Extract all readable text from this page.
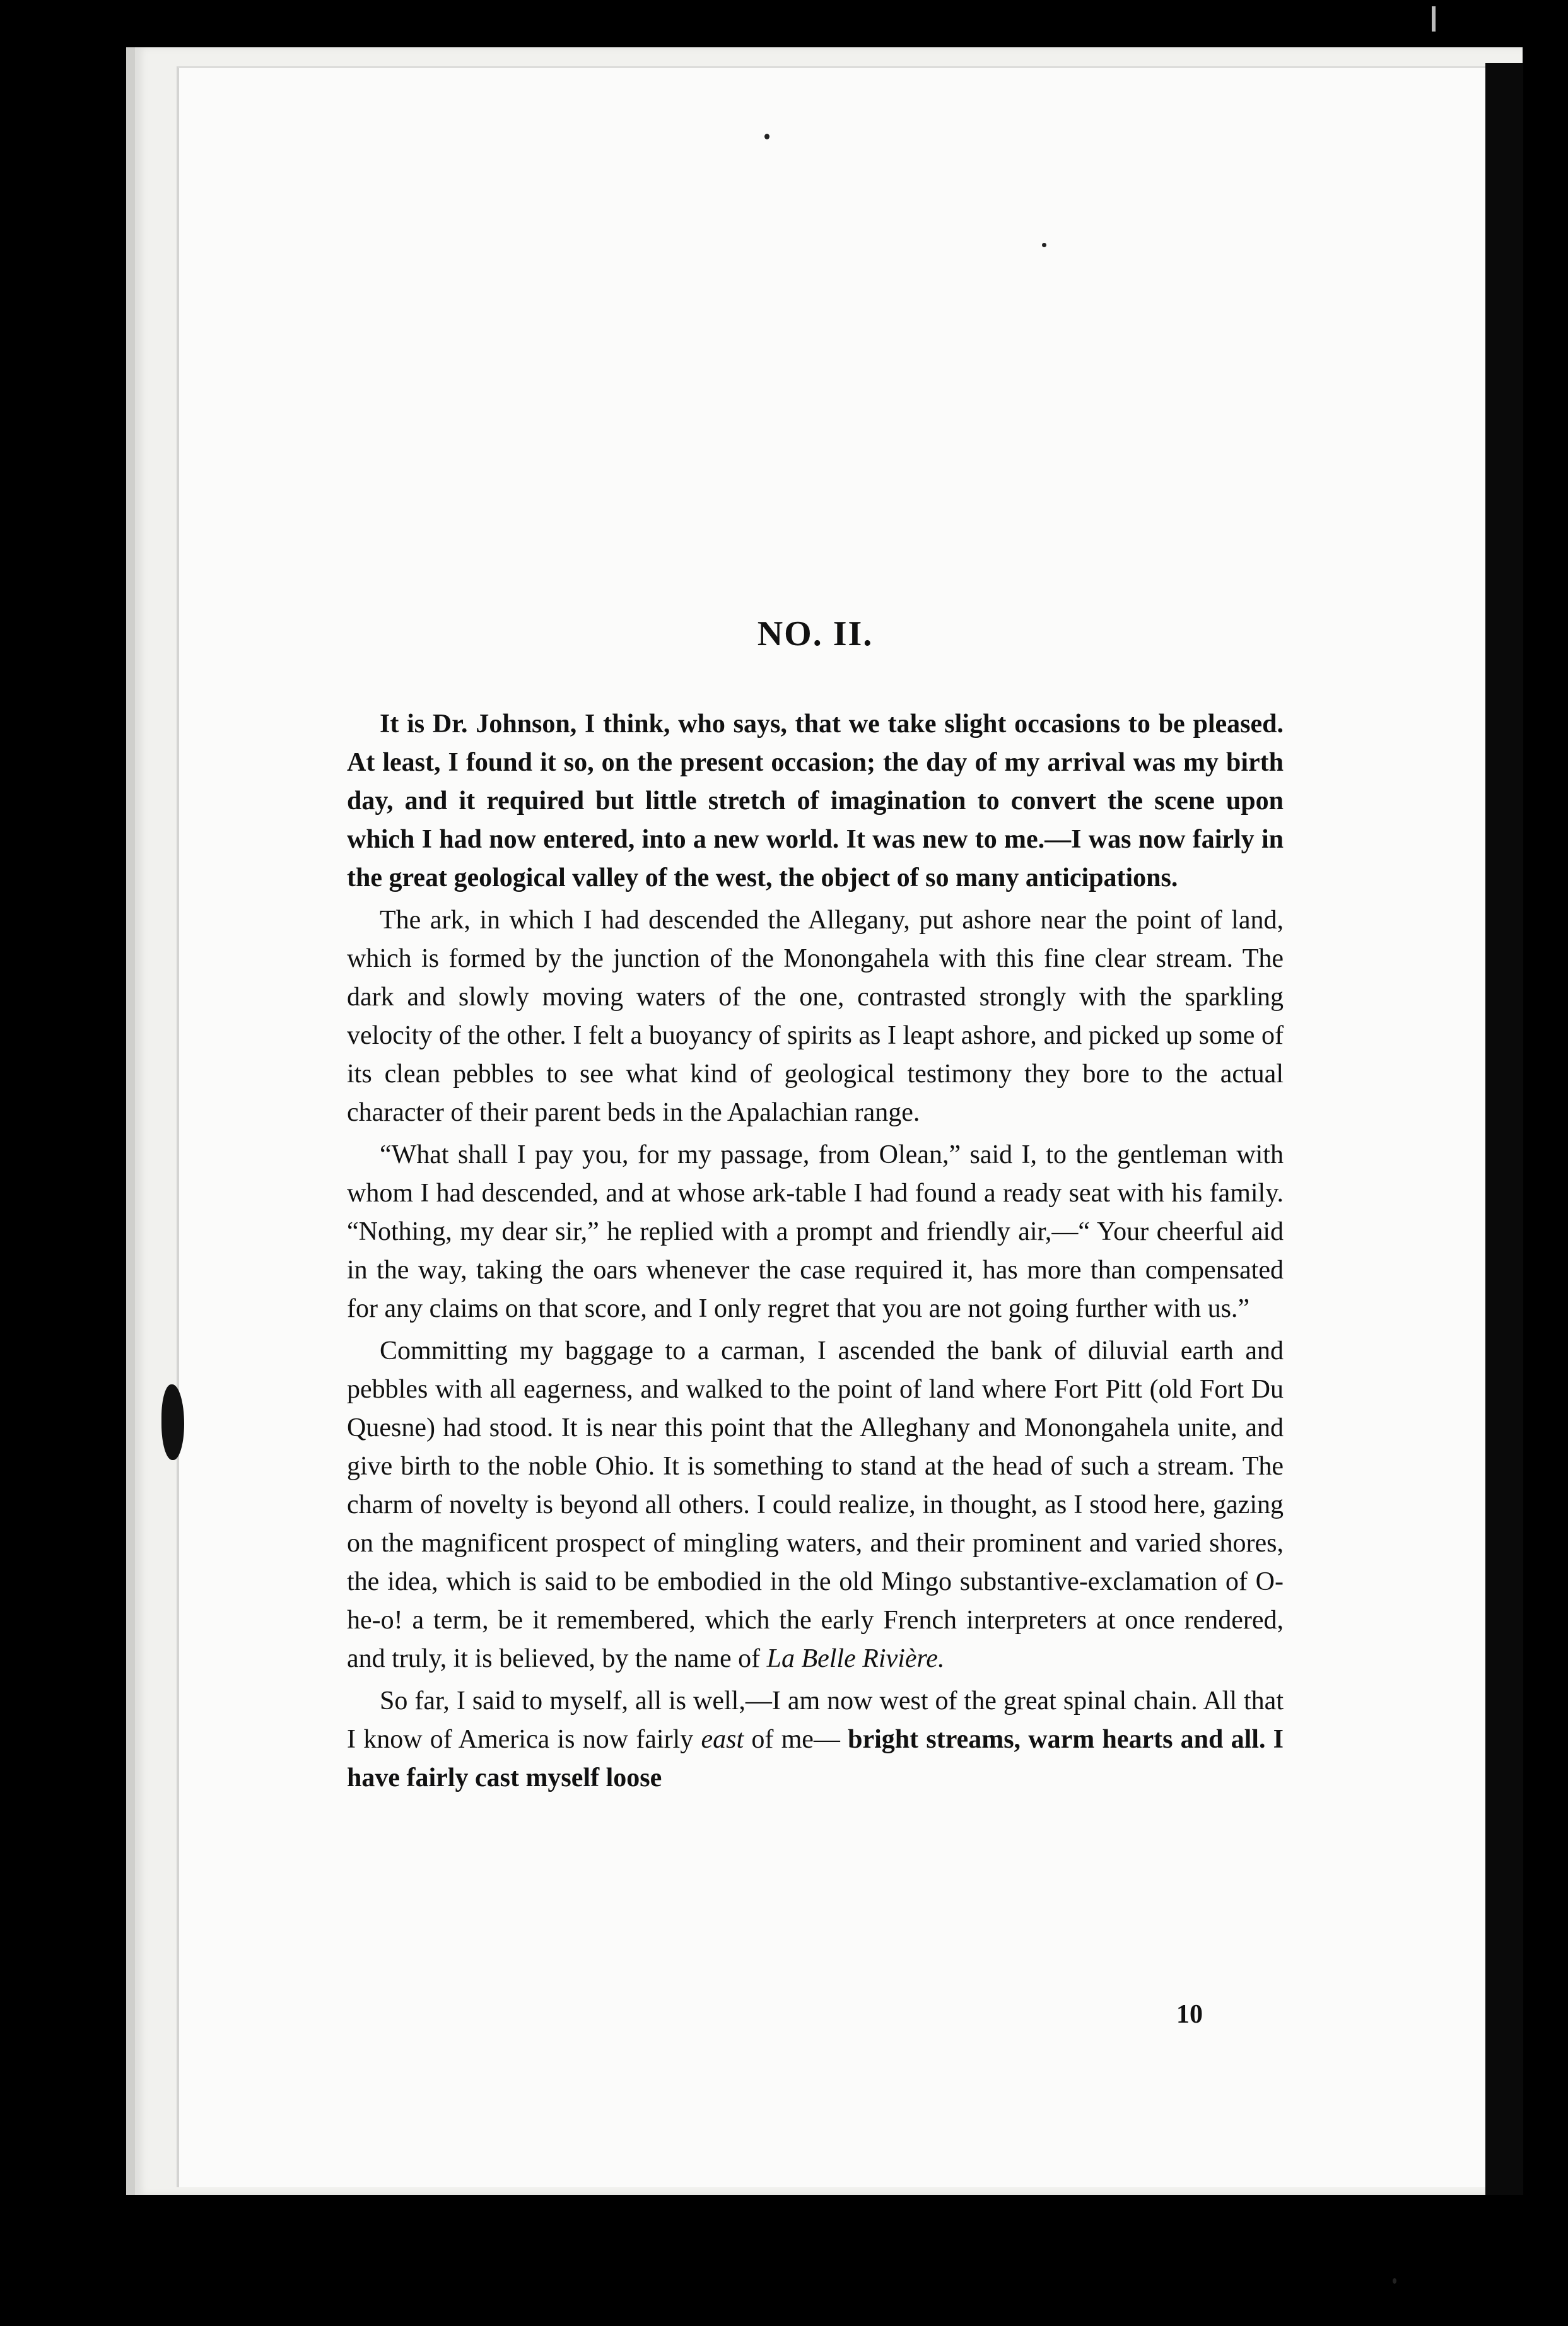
NO. II.

It is Dr. Johnson, I think, who says, that we take slight occasions to be pleased. At least, I found it so, on the present occasion; the day of my arrival was my birth day, and it required but little stretch of imagination to convert the scene upon which I had now entered, into a new world. It was new to me.—I was now fairly in the great geological valley of the west, the object of so many anticipations.

The ark, in which I had descended the Allegany, put ashore near the point of land, which is formed by the junction of the Monongahela with this fine clear stream. The dark and slowly moving waters of the one, contrasted strongly with the sparkling velocity of the other. I felt a buoyancy of spirits as I leapt ashore, and picked up some of its clean pebbles to see what kind of geological testimony they bore to the actual character of their parent beds in the Apalachian range.

“What shall I pay you, for my passage, from Olean,” said I, to the gentleman with whom I had descended, and at whose ark-table I had found a ready seat with his family. “Nothing, my dear sir,” he replied with a prompt and friendly air,—“ Your cheerful aid in the way, taking the oars whenever the case required it, has more than compensated for any claims on that score, and I only regret that you are not going further with us.”

Committing my baggage to a carman, I ascended the bank of diluvial earth and pebbles with all eagerness, and walked to the point of land where Fort Pitt (old Fort Du Quesne) had stood. It is near this point that the Alleghany and Monongahela unite, and give birth to the noble Ohio. It is something to stand at the head of such a stream. The charm of novelty is beyond all others. I could realize, in thought, as I stood here, gazing on the magnificent prospect of mingling waters, and their prominent and varied shores, the idea, which is said to be embodied in the old Mingo substantive-exclamation of O-he-o! a term, be it remembered, which the early French interpreters at once rendered, and truly, it is believed, by the name of La Belle Rivière.

So far, I said to myself, all is well,—I am now west of the great spinal chain. All that I know of America is now fairly east of me— bright streams, warm hearts and all. I have fairly cast myself loose

10
